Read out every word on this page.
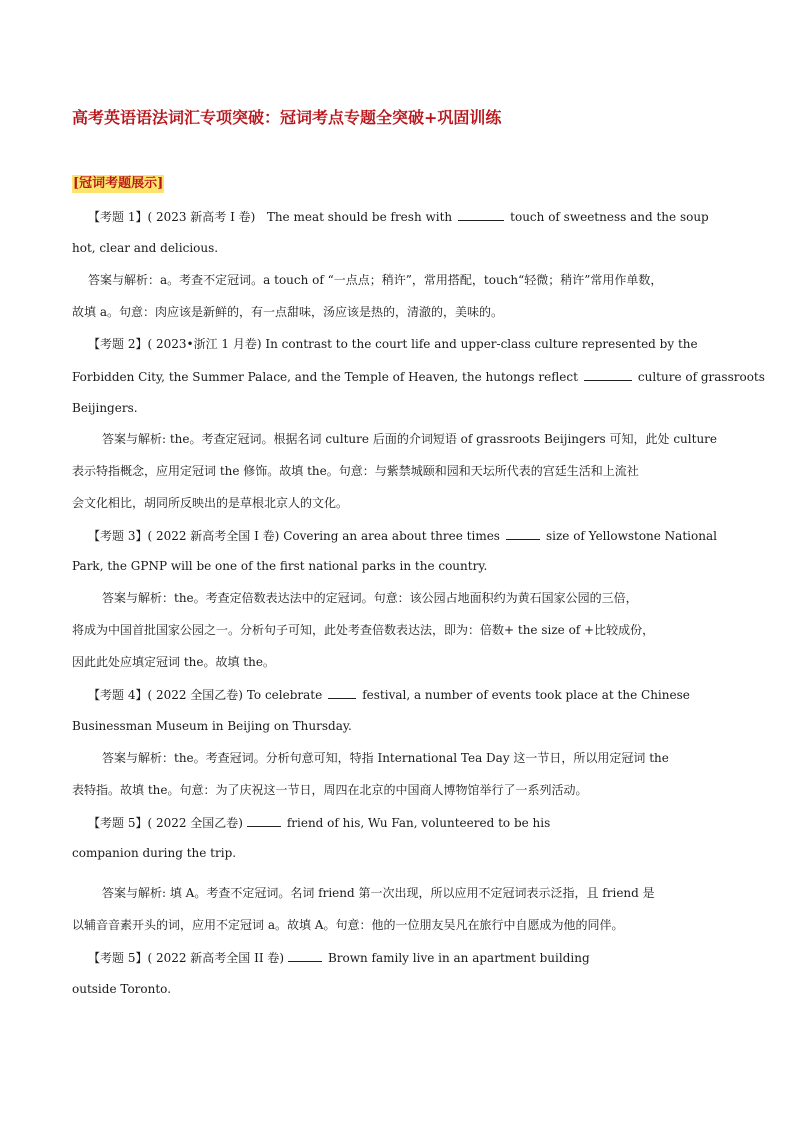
高考英语语法词汇专项突破：冠词考点专题全突破+巩固训练
[冠词考题展示]
【考题 1】( 2023 新高考 I 卷) The meat should be fresh with	touch of sweetness and the soup
hot, clear and delicious.
答案与解析：a。考查不定冠词。a touch of “一点点；稍许”，常用搭配，touch“轻微；稍许”常用作单数，
故填 a。句意：肉应该是新鲜的，有一点甜味，汤应该是热的，清澈的，美味的。
【考题 2】( 2023•浙江 1 月卷) In contrast to the court life and upper-class culture represented by the
Forbidden City, the Summer Palace, and the Temple of Heaven, the hutongs reflect	culture of grassroots
Beijingers.
答案与解析: the。考查定冠词。根据名词 culture 后面的介词短语 of grassroots Beijingers 可知，此处 culture
表示特指概念，应用定冠词 the 修饰。故填 the。句意：与紫禁城颐和园和天坛所代表的宫廷生活和上流社
会文化相比，胡同所反映出的是草根北京人的文化。
【考题 3】( 2022 新高考全国 I 卷) Covering an area about three times	size of Yellowstone National
Park, the GPNP will be one of the first national parks in the country.
答案与解析：the。考查定倍数表达法中的定冠词。句意：该公园占地面积约为黄石国家公园的三倍，
将成为中国首批国家公园之一。分析句子可知，此处考查倍数表达法，即为：倍数+ the size of +比较成份，
因此此处应填定冠词 the。故填 the。
【考题 4】( 2022 全国乙卷) To celebrate	festival, a number of events took place at the Chinese
Businessman Museum in Beijing on Thursday.
答案与解析：the。考查冠词。分析句意可知，特指 International Tea Day 这一节日，所以用定冠词 the
表特指。故填 the。句意：为了庆祝这一节日，周四在北京的中国商人博物馆举行了一系列活动。
【考题 5】( 2022 全国乙卷)	friend of his, Wu Fan, volunteered to be his
companion during the trip.
答案与解析: 填 A。考查不定冠词。名词 friend 第一次出现，所以应用不定冠词表示泛指，且 friend 是
以辅音音素开头的词，应用不定冠词 a。故填 A。句意：他的一位朋友吴凡在旅行中自愿成为他的同伴。
【考题 5】( 2022 新高考全国 II 卷)	Brown family live in an apartment building
outside Toronto.
